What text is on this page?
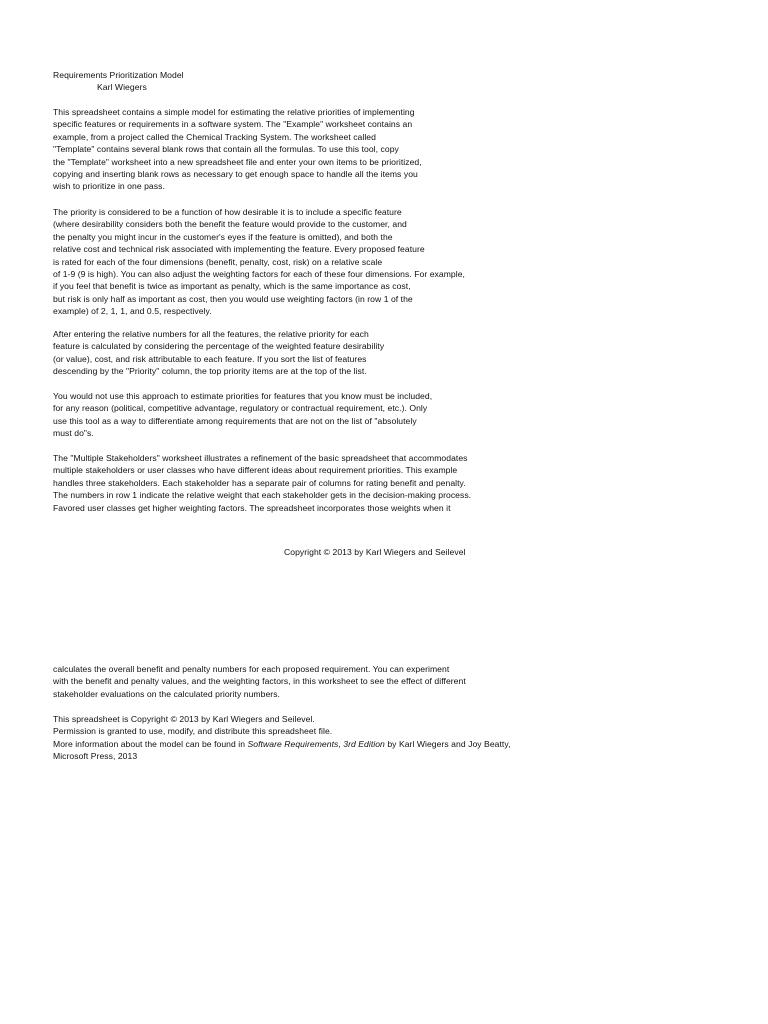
Requirements Prioritization Model
Karl Wiegers
This spreadsheet contains a simple model for estimating the relative priorities of implementing
specific features or requirements in a software system. The "Example" worksheet contains an
example, from a project called the Chemical Tracking System. The worksheet called
"Template" contains several blank rows that contain all the formulas. To use this tool, copy
the "Template" worksheet into a new spreadsheet file and enter your own items to be prioritized,
copying and inserting blank rows as necessary to get enough space to handle all the items you
wish to prioritize in one pass.
The priority is considered to be a function of how desirable it is to include a specific feature
(where desirability considers both the benefit the feature would provide to the customer, and
the penalty you might incur in the customer's eyes if the feature is omitted), and both the
relative cost and technical risk associated with implementing the feature. Every proposed feature
is rated for each of the four dimensions (benefit, penalty, cost, risk) on a relative scale
of 1-9 (9 is high). You can also adjust the weighting factors for each of these four dimensions. For example,
if you feel that benefit is twice as important as penalty, which is the same importance as cost,
but risk is only half as important as cost, then you would use weighting factors (in row 1 of the
example) of 2, 1, 1, and 0.5, respectively.
After entering the relative numbers for all the features, the relative priority for each
feature is calculated by considering the percentage of the weighted feature desirability
(or value), cost, and risk attributable to each feature. If you sort the list of features
descending by the "Priority" column, the top priority items are at the top of the list.
You would not use this approach to estimate priorities for features that you know must be included,
for any reason (political, competitive advantage, regulatory or contractual requirement, etc.). Only
use this tool as a way to differentiate among requirements that are not on the list of "absolutely
must do"s.
The "Multiple Stakeholders" worksheet illustrates a refinement of the basic spreadsheet that accommodates
multiple stakeholders or user classes who have different ideas about requirement priorities. This example
handles three stakeholders. Each stakeholder has a separate pair of columns for rating benefit and penalty.
The numbers in row 1 indicate the relative weight that each stakeholder gets in the decision-making process.
Favored user classes get higher weighting factors. The spreadsheet incorporates those weights when it
Copyright © 2013 by Karl Wiegers and Seilevel
calculates the overall benefit and penalty numbers for each proposed requirement. You can experiment
with the benefit and penalty values, and the weighting factors, in this worksheet to see the effect of different
stakeholder evaluations on the calculated priority numbers.
This spreadsheet is Copyright © 2013 by Karl Wiegers and Seilevel.
Permission is granted to use, modify, and distribute this spreadsheet file.
More information about the model can be found in Software Requirements, 3rd Edition by Karl Wiegers and Joy Beatty,
Microsoft Press, 2013
